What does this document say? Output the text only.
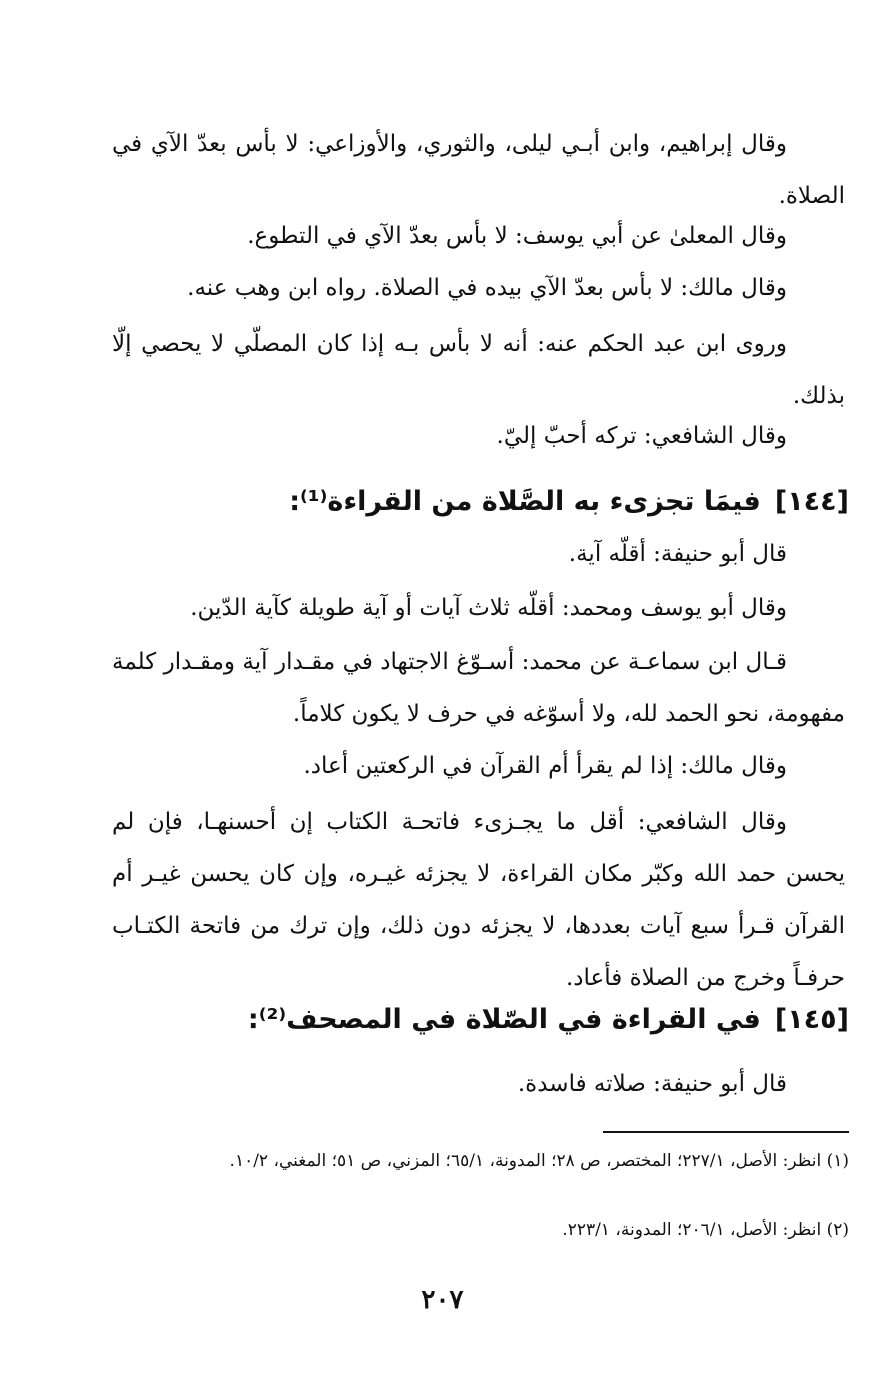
وقال إبراهيم، وابن أبـي ليلى، والثوري، والأوزاعي: لا بأس بعدّ الآي في الصلاة.

وقال المعلىٰ عن أبي يوسف: لا بأس بعدّ الآي في التطوع.

وقال مالك: لا بأس بعدّ الآي بيده في الصلاة. رواه ابن وهب عنه.

وروى ابن عبد الحكم عنه: أنه لا بأس بـه إذا كان المصلّي لا يحصي إلّا بذلك.

وقال الشافعي: تركه أحبّ إليّ.

[١٤٤]فيمَا تجزىء به الصَّلاة من القراءة⁽¹⁾:

قال أبو حنيفة: أقلّه آية.

وقال أبو يوسف ومحمد: أقلّه ثلاث آيات أو آية طويلة كآية الدّين.

قـال ابن سماعـة عن محمد: أسـوّغ الاجتهاد في مقـدار آية ومقـدار كلمة مفهومة، نحو الحمد لله، ولا أسوّغه في حرف لا يكون كلاماً.

وقال مالك: إذا لم يقرأ أم القرآن في الركعتين أعاد.

وقال الشافعي: أقل ما يجـزىء فاتحـة الكتاب إن أحسنهـا، فإن لم يحسن حمد الله وكبّر مكان القراءة، لا يجزئه غيـره، وإن كان يحسن غيـر أم القرآن قـرأ سبع آيات بعددها، لا يجزئه دون ذلك، وإن ترك من فاتحة الكتـاب حرفـاً وخرج من الصلاة فأعاد.

[١٤٥]في القراءة في الصّلاة في المصحف⁽²⁾:

قال أبو حنيفة: صلاته فاسدة.

(١) انظر: الأصل، ٢٢٧/١؛ المختصر، ص ٢٨؛ المدونة، ٦٥/١؛ المزني، ص ٥١؛ المغني، ١٠/٢.

(٢) انظر: الأصل، ٢٠٦/١؛ المدونة، ٢٢٣/١.

٢٠٧
